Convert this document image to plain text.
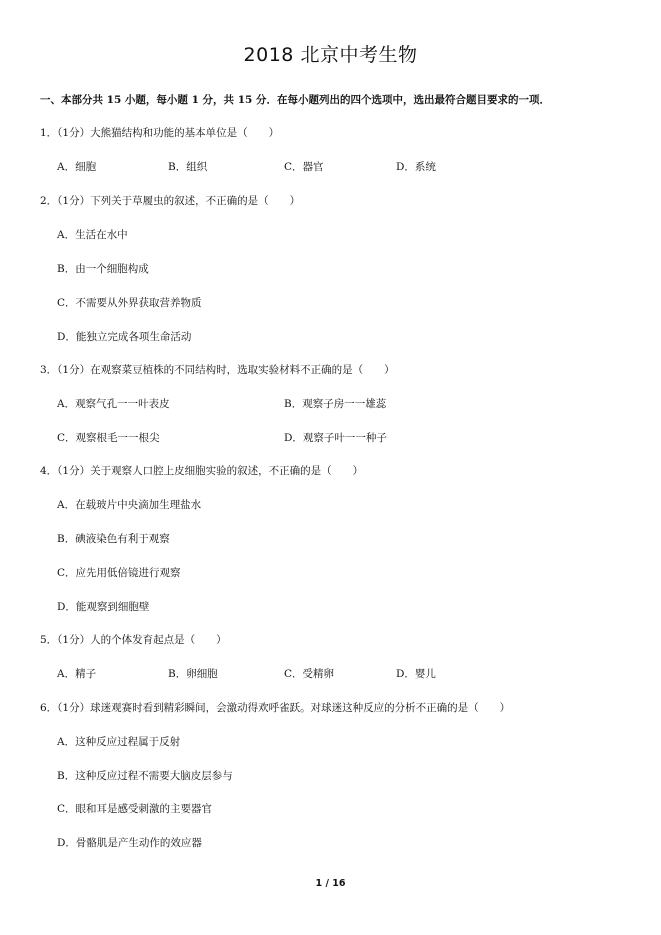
2018 北京中考生物
一、本部分共 15 小题，每小题 1 分，共 15 分．在每小题列出的四个选项中，选出最符合题目要求的一项．
1．（1分）大熊猫结构和功能的基本单位是（　　）
A．细胞	B．组织	C．器官	D．系统
2．（1分）下列关于草履虫的叙述，不正确的是（　　）
A．生活在水中
B．由一个细胞构成
C．不需要从外界获取营养物质
D．能独立完成各项生命活动
3．（1分）在观察菜豆植株的不同结构时，选取实验材料不正确的是（　　）
A．观察气孔一一叶表皮	B．观察子房一一雄蕊
C．观察根毛一一根尖	D．观察子叶一一种子
4．（1分）关于观察人口腔上皮细胞实验的叙述，不正确的是（　　）
A．在载玻片中央滴加生理盐水
B．碘液染色有利于观察
C．应先用低倍镜进行观察
D．能观察到细胞壁
5．（1分）人的个体发育起点是（　　）
A．精子	B．卵细胞	C．受精卵	D．婴儿
6．（1分）球迷观赛时看到精彩瞬间，会激动得欢呼雀跃。对球迷这种反应的分析不正确的是（　　）
A．这种反应过程属于反射
B．这种反应过程不需要大脑皮层参与
C．眼和耳是感受刺激的主要器官
D．骨骼肌是产生动作的效应器
1 / 16
